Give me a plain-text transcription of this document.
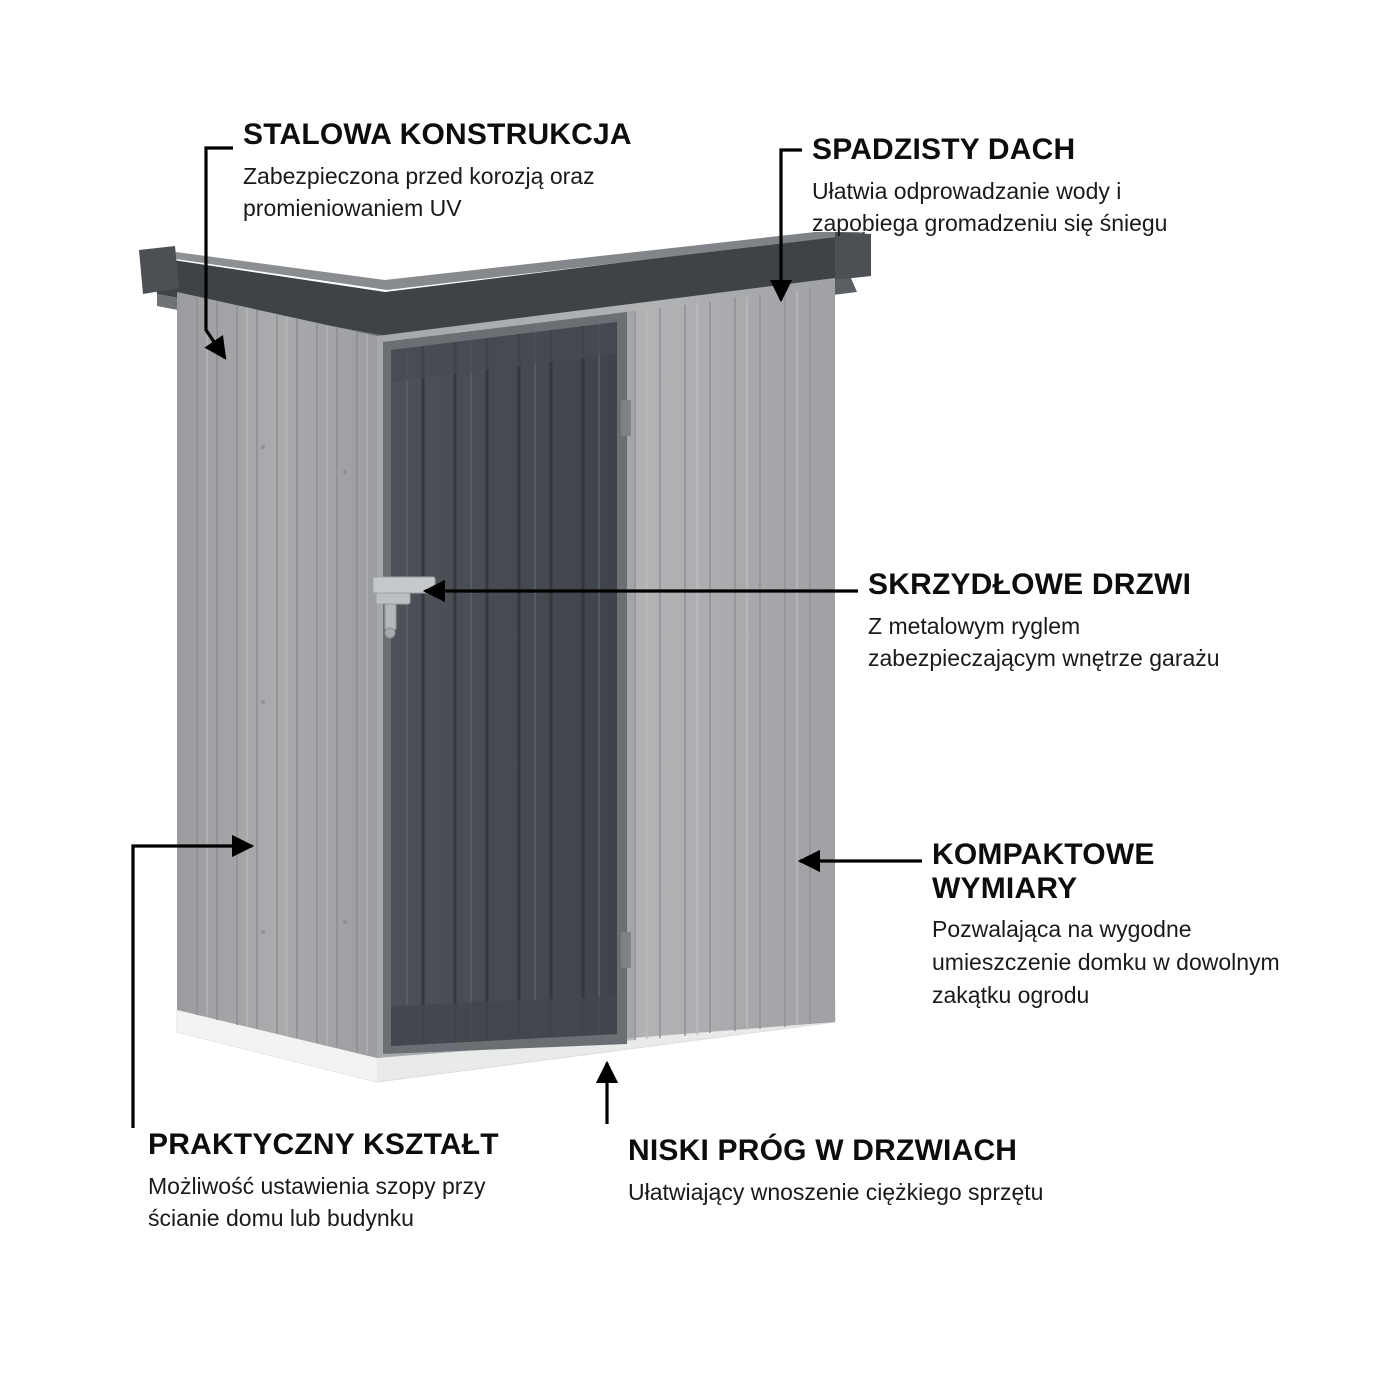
STALOWA KONSTRUKCJA
Zabezpieczona przed korozją oraz promieniowaniem UV
SPADZISTY DACH
Ułatwia odprowadzanie wody i zapobiega gromadzeniu się śniegu
SKRZYDŁOWE DRZWI
Z metalowym ryglem zabezpieczającym wnętrze garażu
KOMPAKTOWE WYMIARY
Pozwalająca na wygodne umieszczenie domku w dowolnym zakątku ogrodu
NISKI PRÓG W DRZWIACH
Ułatwiający wnoszenie ciężkiego sprzętu
PRAKTYCZNY KSZTAŁT
Możliwość ustawienia szopy przy ścianie domu lub budynku
